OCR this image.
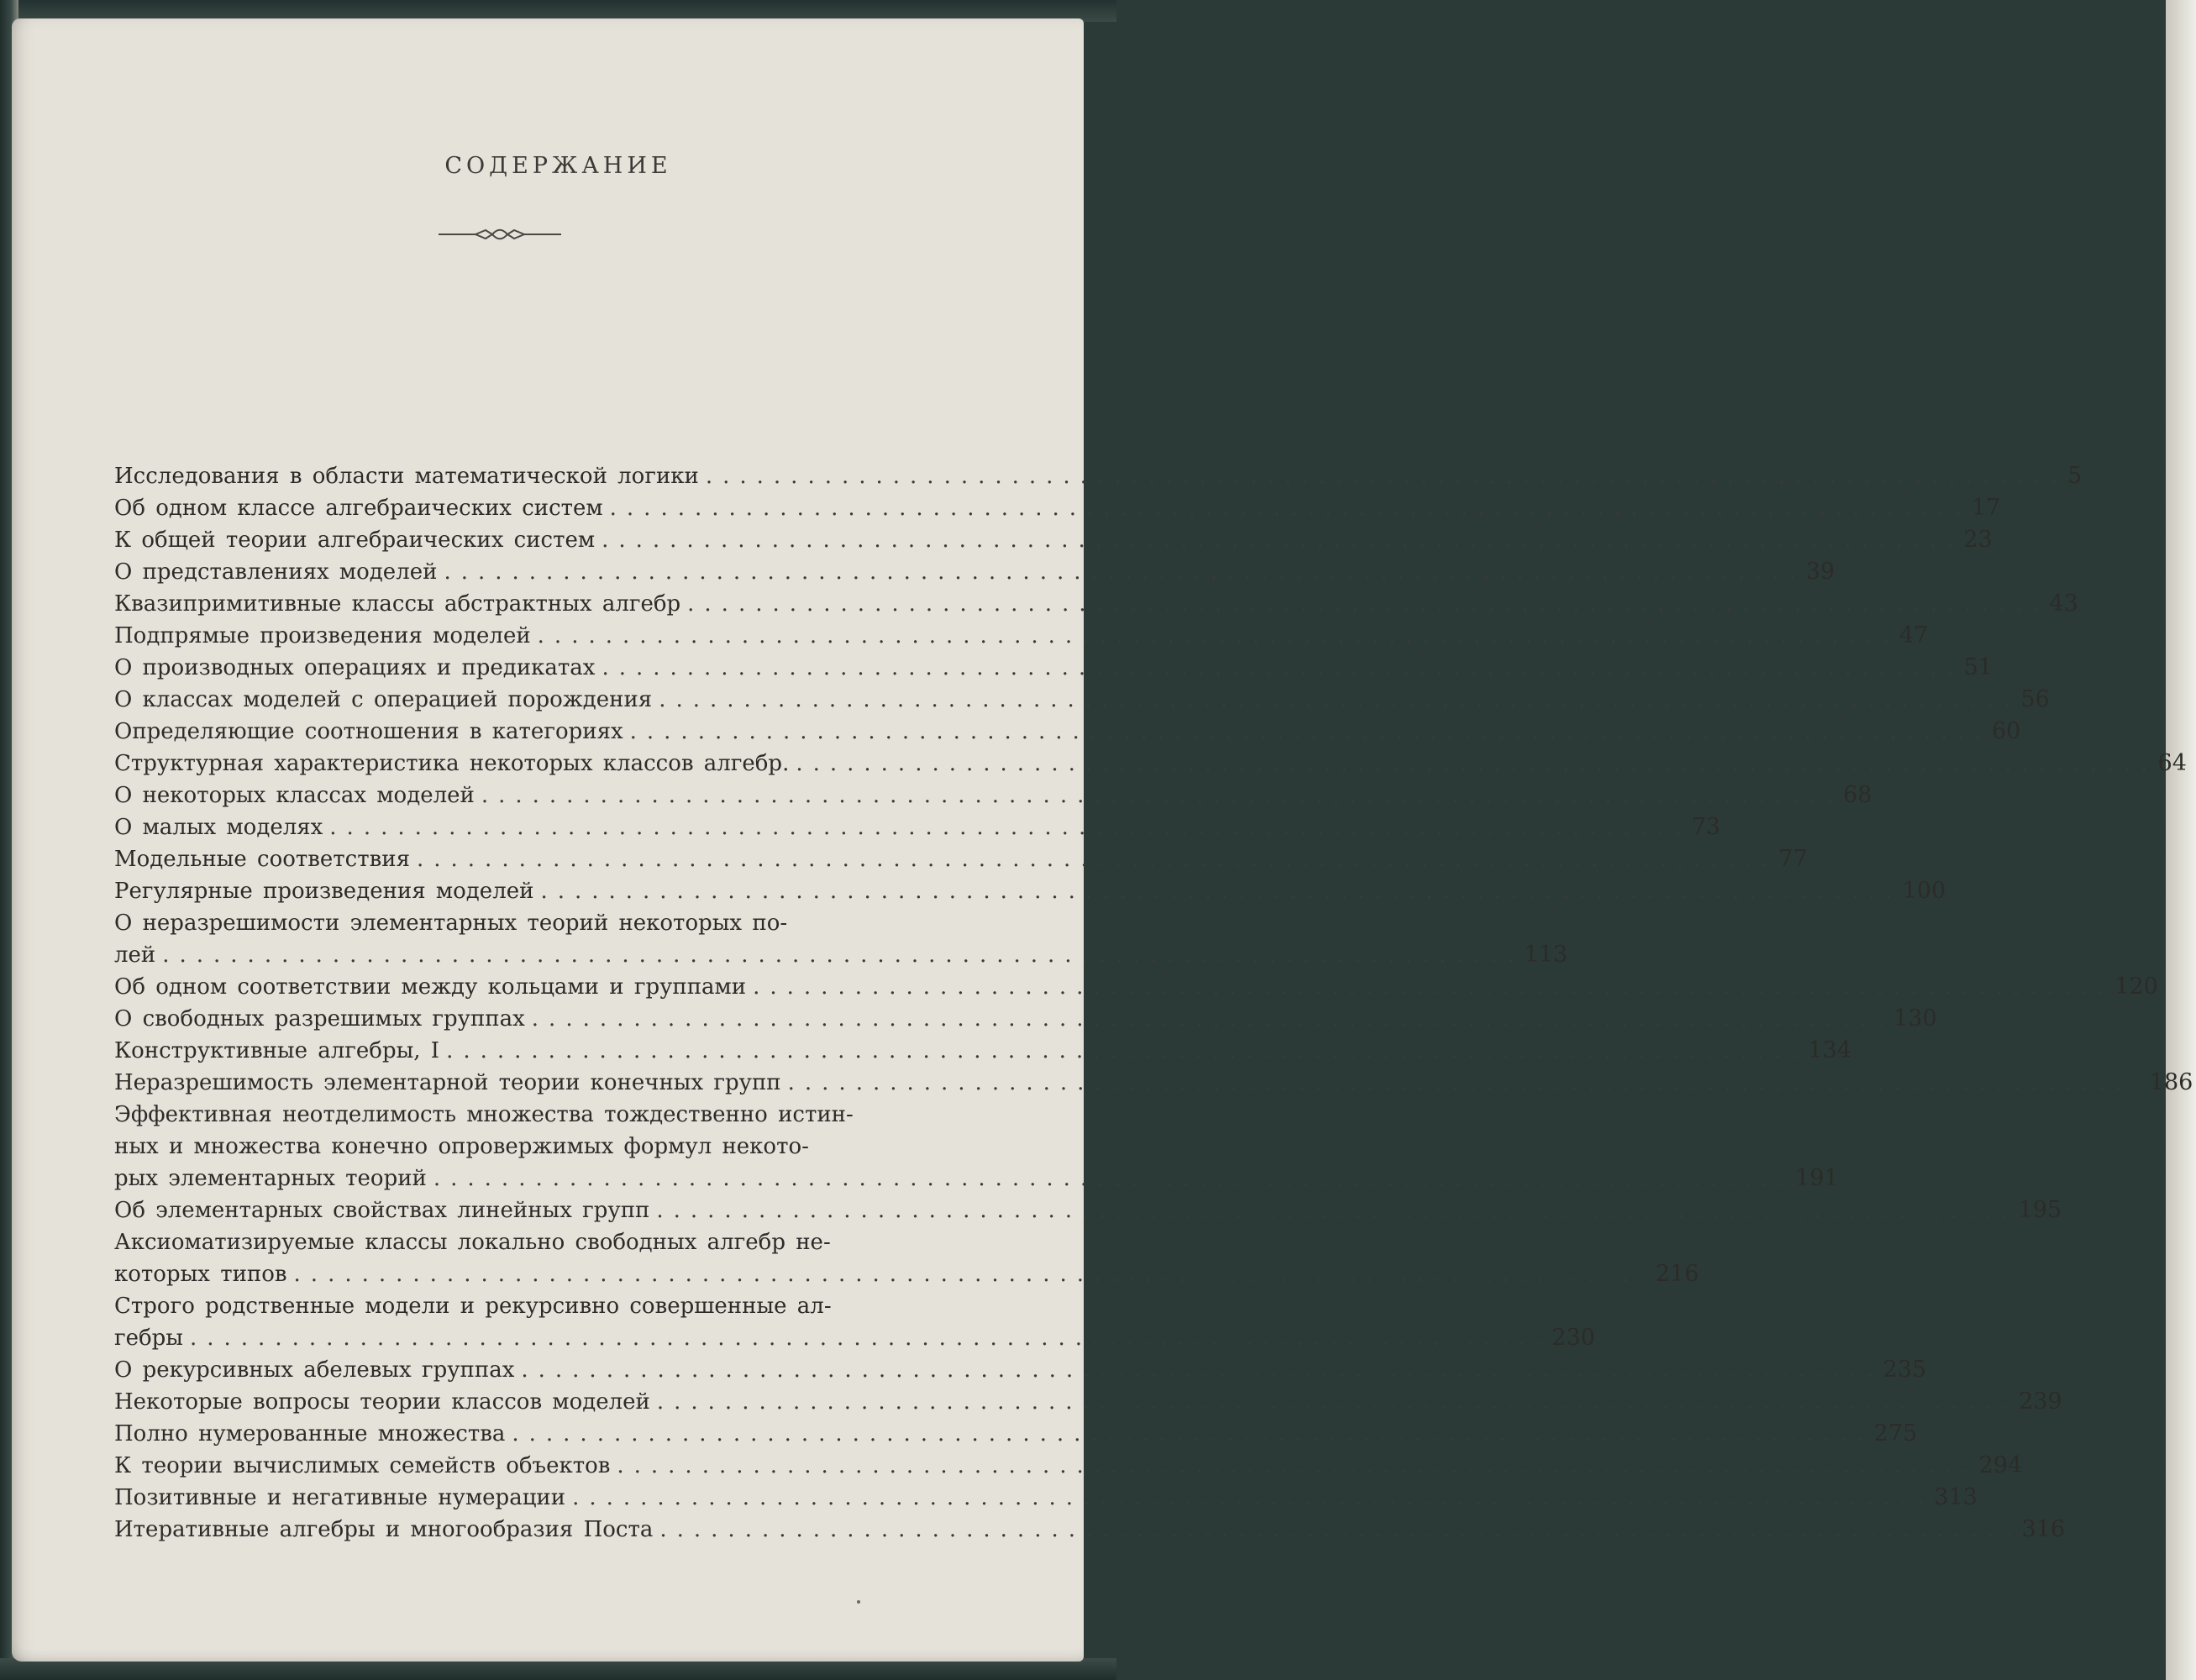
СОДЕРЖАНИЕ
Исследования в области математической логики ................................................................................ 5
Об одном классе алгебраических систем ................................................................................ 17
К общей теории алгебраических систем ................................................................................ 23
О представлениях моделей ................................................................................ 39
Квазипримитивные классы абстрактных алгебр ................................................................................ 43
Подпрямые произведения моделей ................................................................................ 47
О производных операциях и предикатах ................................................................................ 51
О классах моделей с операцией порождения ................................................................................ 56
Определяющие соотношения в категориях ................................................................................ 60
Структурная характеристика некоторых классов алгебр. ................................................................................ 64
О некоторых классах моделей ................................................................................ 68
О малых моделях ................................................................................ 73
Модельные соответствия ................................................................................ 77
Регулярные произведения моделей ................................................................................ 100
О неразрешимости элементарных теорий некоторых по-
лей ................................................................................ 113
Об одном соответствии между кольцами и группами ................................................................................ 120
О свободных разрешимых группах ................................................................................ 130
Конструктивные алгебры, I ................................................................................ 134
Неразрешимость элементарной теории конечных групп ................................................................................ 186
Эффективная неотделимость множества тождественно истин-
ных и множества конечно опровержимых формул некото-
рых элементарных теорий ................................................................................ 191
Об элементарных свойствах линейных групп ................................................................................ 195
Аксиоматизируемые классы локально свободных алгебр не-
которых типов ................................................................................ 216
Строго родственные модели и рекурсивно совершенные ал-
гебры ................................................................................ 230
О рекурсивных абелевых группах ................................................................................ 235
Некоторые вопросы теории классов моделей ................................................................................ 239
Полно нумерованные множества ................................................................................ 275
К теории вычислимых семейств объектов ................................................................................ 294
Позитивные и негативные нумерации ................................................................................ 313
Итеративные алгебры и многообразия Поста ................................................................................ 316
